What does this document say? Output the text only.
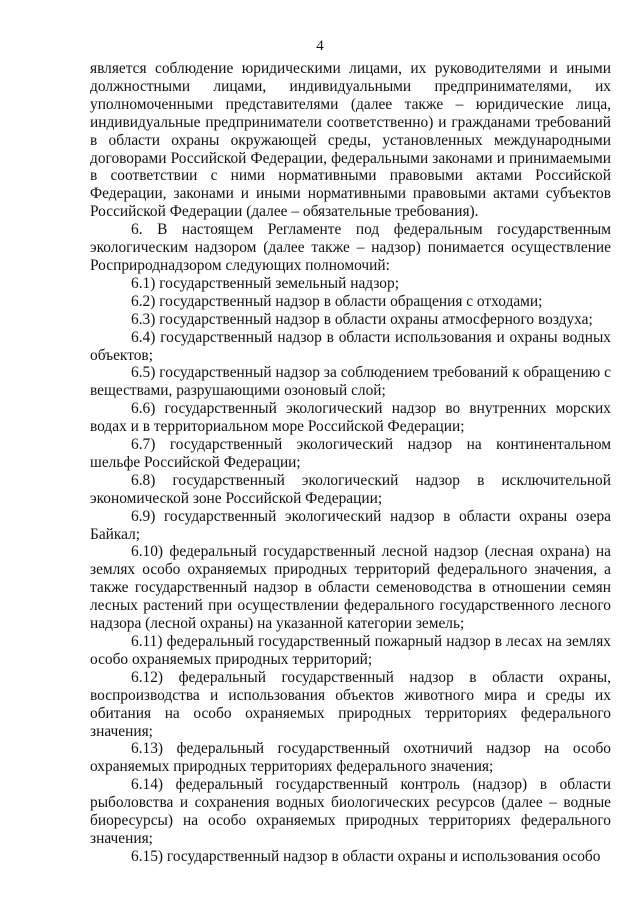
4

является соблюдение юридическими лицами, их руководителями и иными должностными лицами, индивидуальными предпринимателями, их уполномоченными представителями (далее также – юридические лица, индивидуальные предприниматели соответственно) и гражданами требований в области охраны окружающей среды, установленных международными договорами Российской Федерации, федеральными законами и принимаемыми в соответствии с ними нормативными правовыми актами Российской Федерации, законами и иными нормативными правовыми актами субъектов Российской Федерации (далее – обязательные требования).

6. В настоящем Регламенте под федеральным государственным экологическим надзором (далее также – надзор) понимается осуществление Росприроднадзором следующих полномочий:

6.1) государственный земельный надзор;

6.2) государственный надзор в области обращения с отходами;

6.3) государственный надзор в области охраны атмосферного воздуха;

6.4) государственный надзор в области использования и охраны водных объектов;

6.5) государственный надзор за соблюдением требований к обращению с веществами, разрушающими озоновый слой;

6.6) государственный экологический надзор во внутренних морских водах и в территориальном море Российской Федерации;

6.7) государственный экологический надзор на континентальном шельфе Российской Федерации;

6.8) государственный экологический надзор в исключительной экономической зоне Российской Федерации;

6.9) государственный экологический надзор в области охраны озера Байкал;

6.10) федеральный государственный лесной надзор (лесная охрана) на землях особо охраняемых природных территорий федерального значения, а также государственный надзор в области семеноводства в отношении семян лесных растений при осуществлении федерального государственного лесного надзора (лесной охраны) на указанной категории земель;

6.11) федеральный государственный пожарный надзор в лесах на землях особо охраняемых природных территорий;

6.12) федеральный государственный надзор в области охраны, воспроизводства и использования объектов животного мира и среды их обитания на особо охраняемых природных территориях федерального значения;

6.13) федеральный государственный охотничий надзор на особо охраняемых природных территориях федерального значения;

6.14) федеральный государственный контроль (надзор) в области рыболовства и сохранения водных биологических ресурсов (далее – водные биоресурсы) на особо охраняемых природных территориях федерального значения;

6.15) государственный надзор в области охраны и использования особо
